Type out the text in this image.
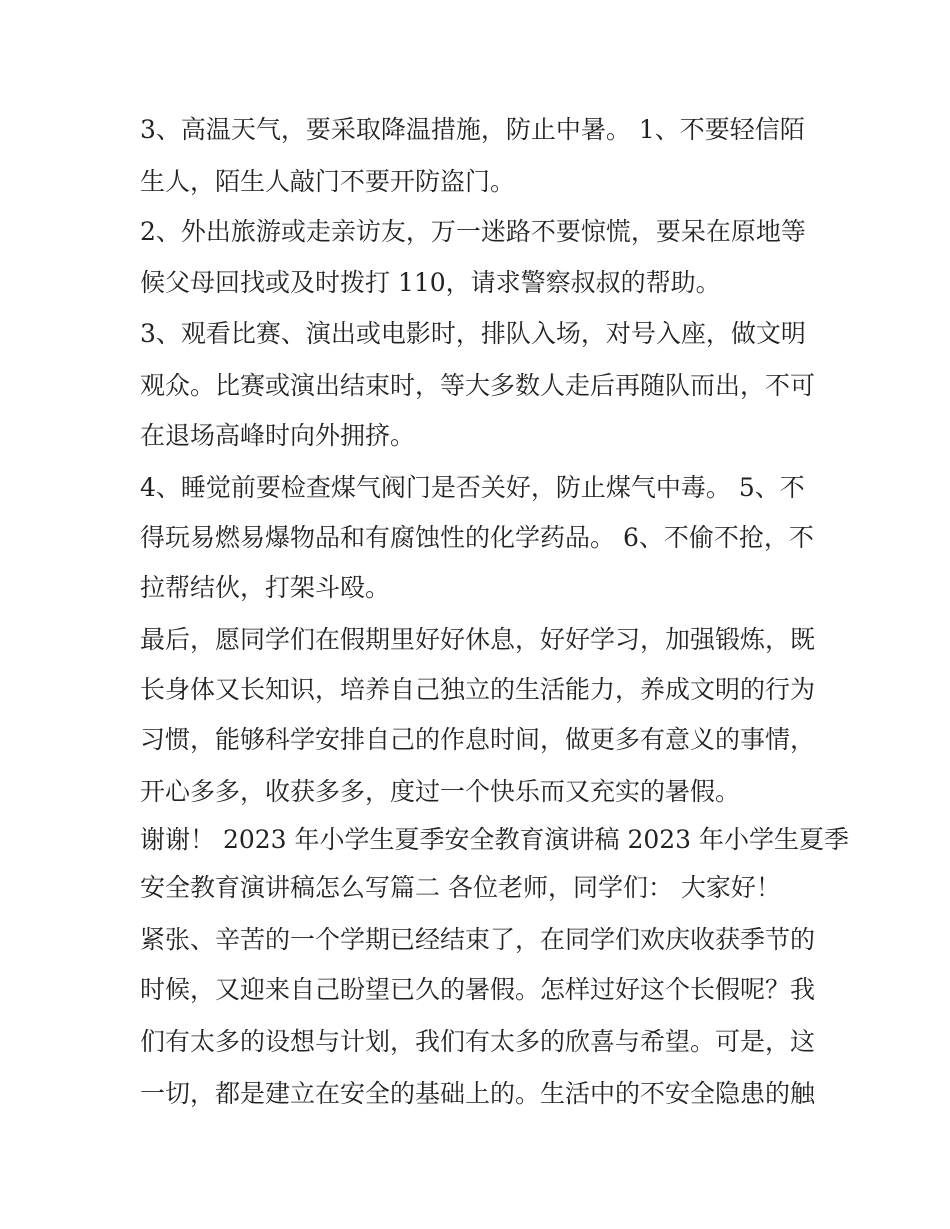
3、高温天气，要采取降温措施，防止中暑。 1、不要轻信陌
生人，陌生人敲门不要开防盗门。
2、外出旅游或走亲访友，万一迷路不要惊慌，要呆在原地等
候父母回找或及时拨打 110，请求警察叔叔的帮助。
3、观看比赛、演出或电影时，排队入场，对号入座，做文明
观众。比赛或演出结束时，等大多数人走后再随队而出，不可
在退场高峰时向外拥挤。
4、睡觉前要检查煤气阀门是否关好，防止煤气中毒。 5、不
得玩易燃易爆物品和有腐蚀性的化学药品。 6、不偷不抢，不
拉帮结伙，打架斗殴。
最后，愿同学们在假期里好好休息，好好学习，加强锻炼，既
长身体又长知识，培养自己独立的生活能力，养成文明的行为
习惯，能够科学安排自己的作息时间，做更多有意义的事情，
开心多多，收获多多，度过一个快乐而又充实的暑假。
谢谢！ 2023 年小学生夏季安全教育演讲稿 2023 年小学生夏季
安全教育演讲稿怎么写篇二 各位老师，同学们： 大家好！
紧张、辛苦的一个学期已经结束了，在同学们欢庆收获季节的
时候，又迎来自己盼望已久的暑假。怎样过好这个长假呢？我
们有太多的设想与计划，我们有太多的欣喜与希望。可是，这
一切，都是建立在安全的基础上的。生活中的不安全隐患的触
